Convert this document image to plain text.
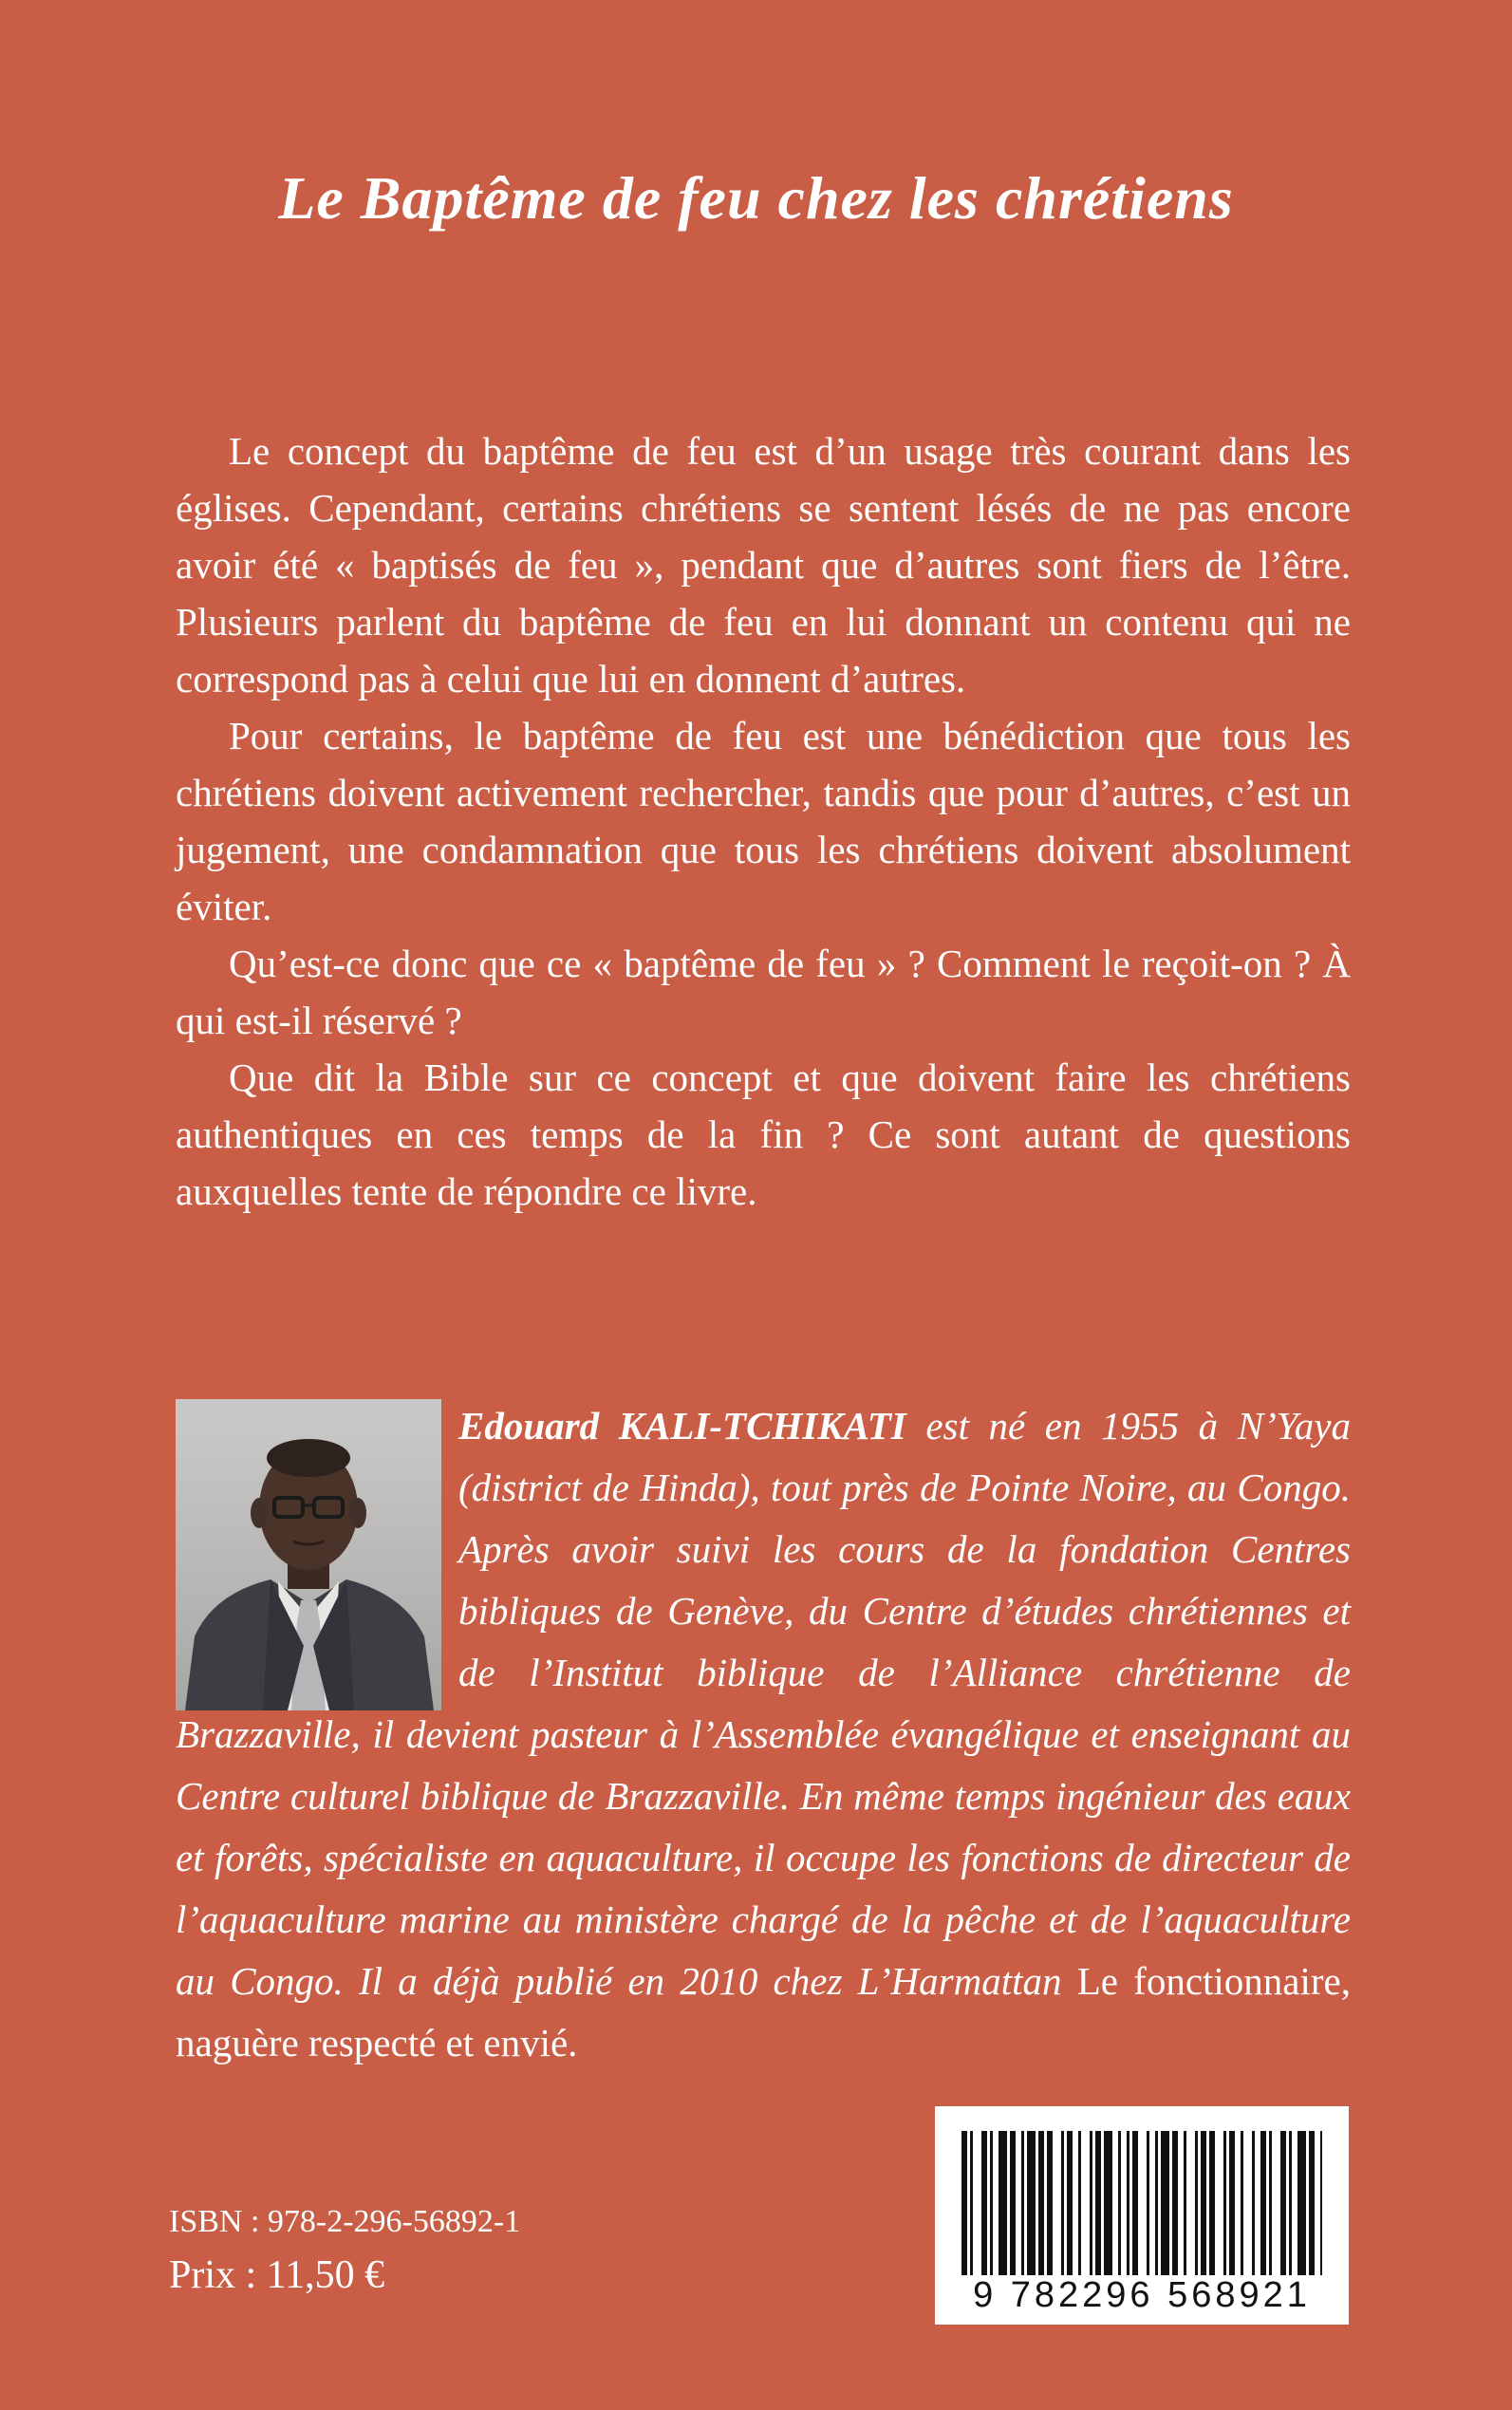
Le Baptême de feu chez les chrétiens

Le concept du baptême de feu est d’un usage très courant dans les églises. Cependant, certains chrétiens se sentent lésés de ne pas encore avoir été « baptisés de feu », pendant que d’autres sont fiers de l’être. Plusieurs parlent du baptême de feu en lui donnant un contenu qui ne correspond pas à celui que lui en donnent d’autres.

Pour certains, le baptême de feu est une bénédiction que tous les chrétiens doivent activement rechercher, tandis que pour d’autres, c’est un jugement, une condamnation que tous les chrétiens doivent absolument éviter.

Qu’est-ce donc que ce « baptême de feu » ? Comment le reçoit-on ? À qui est-il réservé ?

Que dit la Bible sur ce concept et que doivent faire les chrétiens authentiques en ces temps de la fin ? Ce sont autant de questions auxquelles tente de répondre ce livre.

Edouard KALI-TCHIKATI est né en 1955 à N’Yaya (district de Hinda), tout près de Pointe Noire, au Congo. Après avoir suivi les cours de la fondation Centres bibliques de Genève, du Centre d’études chrétiennes et de l’Institut biblique de l’Alliance chrétienne de Brazzaville, il devient pasteur à l’Assemblée évangélique et enseignant au Centre culturel biblique de Brazzaville. En même temps ingénieur des eaux et forêts, spécialiste en aquaculture, il occupe les fonctions de directeur de l’aquaculture marine au ministère chargé de la pêche et de l’aquaculture au Congo. Il a déjà publié en 2010 chez L’Harmattan Le fonctionnaire, naguère respecté et envié.

9 782296 568921

ISBN : 978-2-296-56892-1

Prix : 11,50 €
